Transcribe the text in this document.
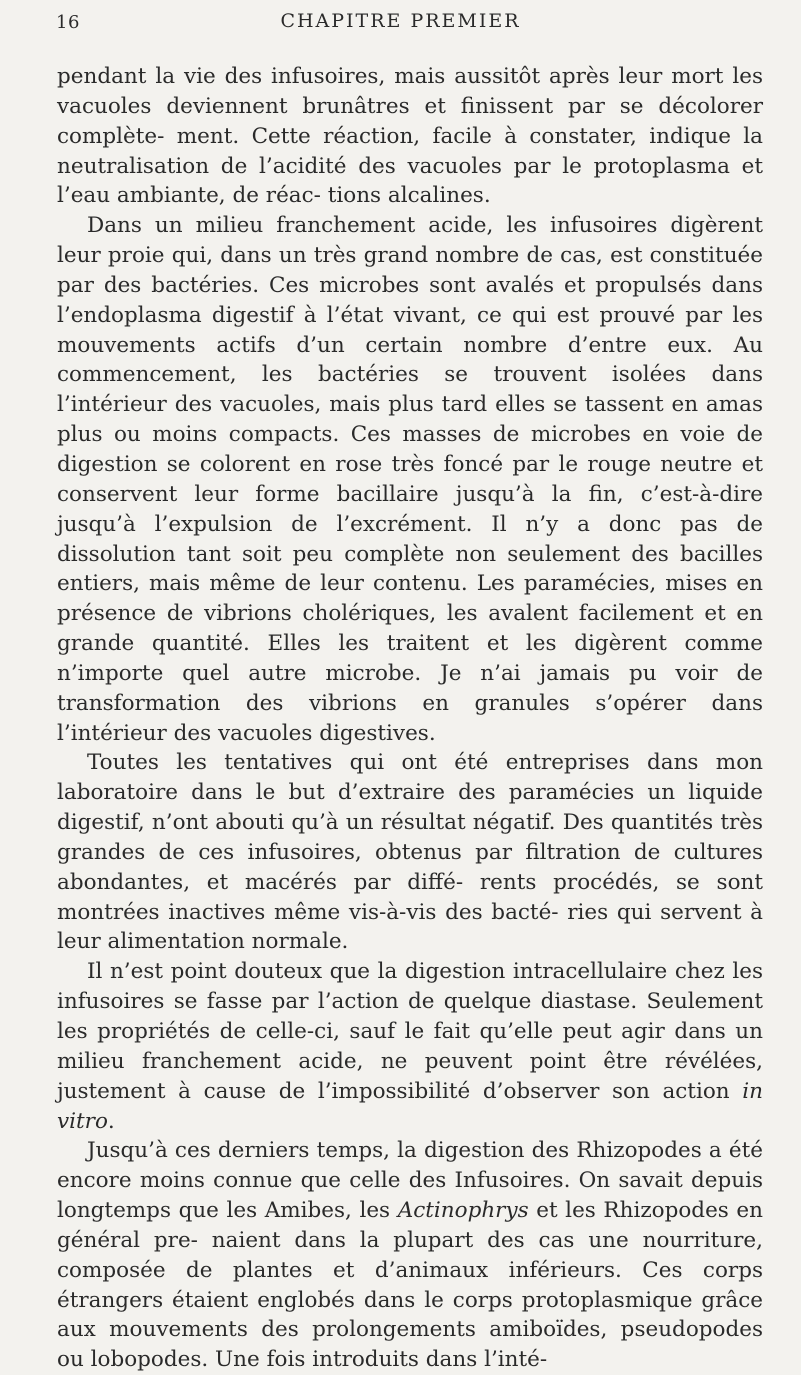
16	CHAPITRE PREMIER

pendant la vie des infusoires, mais aussitôt après leur mort les vacuoles deviennent brunâtres et finissent par se décolorer complète- ment. Cette réaction, facile à constater, indique la neutralisation de l’acidité des vacuoles par le protoplasma et l’eau ambiante, de réac- tions alcalines.

Dans un milieu franchement acide, les infusoires digèrent leur proie qui, dans un très grand nombre de cas, est constituée par des bactéries. Ces microbes sont avalés et propulsés dans l’endoplasma digestif à l’état vivant, ce qui est prouvé par les mouvements actifs d’un certain nombre d’entre eux. Au commencement, les bactéries se trouvent isolées dans l’intérieur des vacuoles, mais plus tard elles se tassent en amas plus ou moins compacts. Ces masses de microbes en voie de digestion se colorent en rose très foncé par le rouge neutre et conservent leur forme bacillaire jusqu’à la fin, c’est-à-dire jusqu’à l’expulsion de l’excrément. Il n’y a donc pas de dissolution tant soit peu complète non seulement des bacilles entiers, mais même de leur contenu. Les paramécies, mises en présence de vibrions cholériques, les avalent facilement et en grande quantité. Elles les traitent et les digèrent comme n’importe quel autre microbe. Je n’ai jamais pu voir de transformation des vibrions en granules s’opérer dans l’intérieur des vacuoles digestives.

Toutes les tentatives qui ont été entreprises dans mon laboratoire dans le but d’extraire des paramécies un liquide digestif, n’ont abouti qu’à un résultat négatif. Des quantités très grandes de ces infusoires, obtenus par filtration de cultures abondantes, et macérés par diffé- rents procédés, se sont montrées inactives même vis-à-vis des bacté- ries qui servent à leur alimentation normale.

Il n’est point douteux que la digestion intracellulaire chez les infusoires se fasse par l’action de quelque diastase. Seulement les propriétés de celle-ci, sauf le fait qu’elle peut agir dans un milieu franchement acide, ne peuvent point être révélées, justement à cause de l’impossibilité d’observer son action in vitro.

Jusqu’à ces derniers temps, la digestion des Rhizopodes a été encore moins connue que celle des Infusoires. On savait depuis longtemps que les Amibes, les Actinophrys et les Rhizopodes en général pre- naient dans la plupart des cas une nourriture, composée de plantes et d’animaux inférieurs. Ces corps étrangers étaient englobés dans le corps protoplasmique grâce aux mouvements des prolongements amiboïdes, pseudopodes ou lobopodes. Une fois introduits dans l’inté-
